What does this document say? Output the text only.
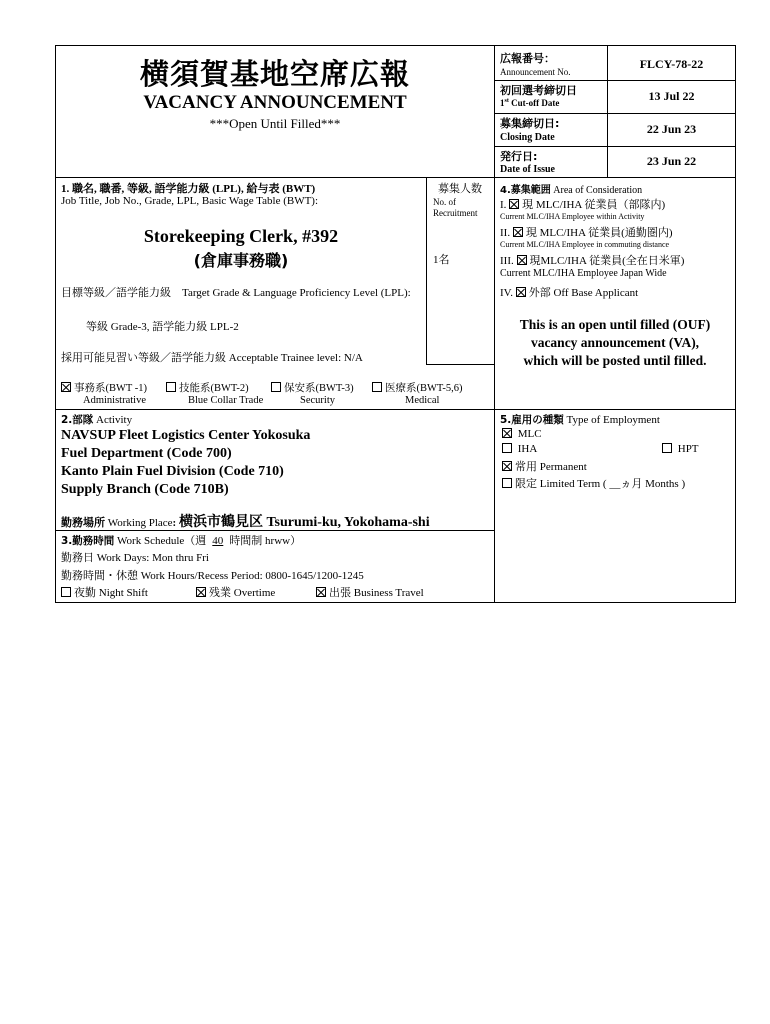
横須賀基地空席広報
VACANCY ANNOUNCEMENT
***Open Until Filled***
広報番号：
Announcement No.
FLCY-78-22
初回選考締切日
1st Cut-off Date	13 Jul 22
募集締切日:
Closing Date
22 Jun 23
発行日:
Date of Issue
23 Jun 22
1. 職名, 職番, 等級, 語学能力級 (LPL), 給与表 (BWT)
Job Title, Job No., Grade, LPL, Basic Wage Table (BWT):
Storekeeping Clerk, #392
(倉庫事務職)
目標等級／語学能力級　Target Grade & Language Proficiency Level (LPL):
等級 Grade-3, 語学能力級 LPL-2
採用可能見習い等級／語学能力級 Acceptable Trainee level: N/A
募集人数
No. of
Recruitment
1名
事務系(BWT -1)	技能系(BWT-2)	保安系(BWT-3)	医療系(BWT-5,6)
Administrative	Blue Collar Trade	Security	Medical
4.募集範囲 Area of Consideration
I. 現 MLC/IHA 従業員（部隊内)
Current MLC/IHA Employee within Activity
II. 現 MLC/IHA 従業員(通勤圏内)
Current MLC/IHA Employee in commuting distance
III. 現MLC/IHA 従業員(全在日米軍)
Current MLC/IHA Employee Japan Wide
IV. 外部 Off Base Applicant
This is an open until filled (OUF)
vacancy announcement (VA),
which will be posted until filled.
2.部隊 Activity
NAVSUP Fleet Logistics Center Yokosuka
Fuel Department (Code 700)
Kanto Plain Fuel Division (Code 710)
Supply Branch (Code 710B)
勤務場所 Working Place: 横浜市鶴見区 Tsurumi-ku, Yokohama-shi
3.勤務時間 Work Schedule（週 40 時間制 hrww）
勤務日 Work Days: Mon thru Fri
勤務時間・休憩 Work Hours/Recess Period: 0800-1645/1200-1245
夜勤 Night Shift	残業 Overtime	出張 Business Travel
5.雇用の種類 Type of Employment
MLC
IHA	HPT
常用 Permanent
限定 Limited Term ( __ヵ月 Months )
